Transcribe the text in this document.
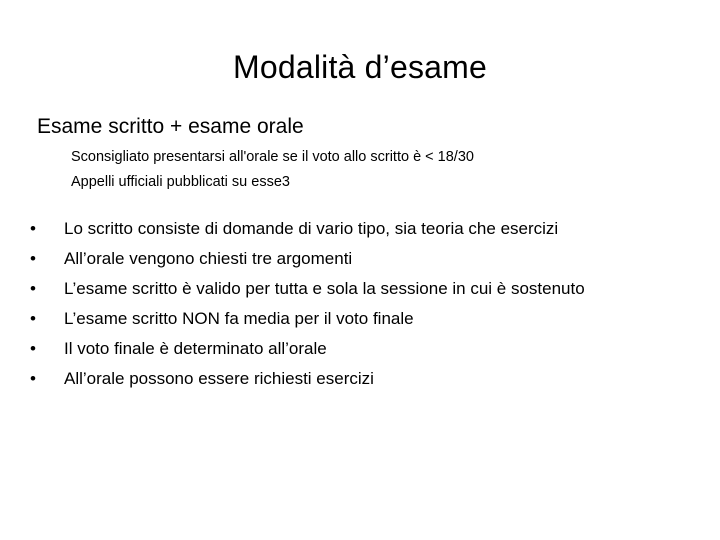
Modalità d’esame
Esame scritto + esame orale
Sconsigliato presentarsi all'orale se il voto allo scritto è < 18/30
Appelli ufficiali pubblicati su esse3
• Lo scritto consiste di domande di vario tipo, sia teoria che esercizi
• All’orale vengono chiesti tre argomenti
• L’esame scritto è valido per tutta e sola la sessione in cui è sostenuto
• L’esame scritto NON fa media per il voto finale
• Il voto finale è determinato all’orale
• All’orale possono essere richiesti esercizi
